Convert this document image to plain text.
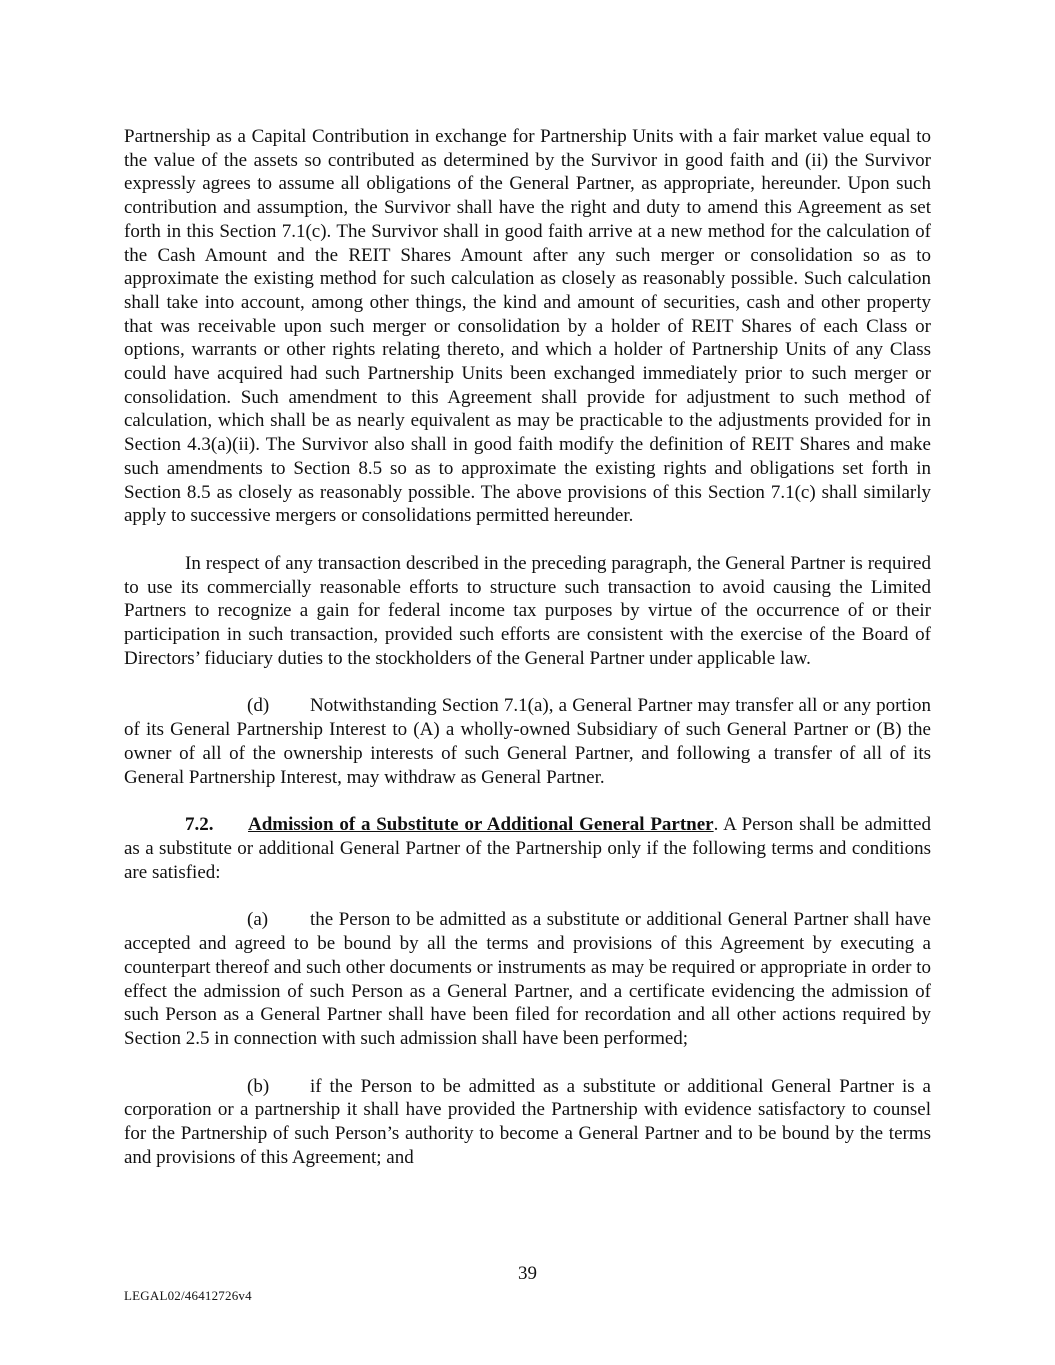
Partnership as a Capital Contribution in exchange for Partnership Units with a fair market value equal to the value of the assets so contributed as determined by the Survivor in good faith and (ii) the Survivor expressly agrees to assume all obligations of the General Partner, as appropriate, hereunder. Upon such contribution and assumption, the Survivor shall have the right and duty to amend this Agreement as set forth in this Section 7.1(c). The Survivor shall in good faith arrive at a new method for the calculation of the Cash Amount and the REIT Shares Amount after any such merger or consolidation so as to approximate the existing method for such calculation as closely as reasonably possible. Such calculation shall take into account, among other things, the kind and amount of securities, cash and other property that was receivable upon such merger or consolidation by a holder of REIT Shares of each Class or options, warrants or other rights relating thereto, and which a holder of Partnership Units of any Class could have acquired had such Partnership Units been exchanged immediately prior to such merger or consolidation. Such amendment to this Agreement shall provide for adjustment to such method of calculation, which shall be as nearly equivalent as may be practicable to the adjustments provided for in Section 4.3(a)(ii). The Survivor also shall in good faith modify the definition of REIT Shares and make such amendments to Section 8.5 so as to approximate the existing rights and obligations set forth in Section 8.5 as closely as reasonably possible. The above provisions of this Section 7.1(c) shall similarly apply to successive mergers or consolidations permitted hereunder.

In respect of any transaction described in the preceding paragraph, the General Partner is required to use its commercially reasonable efforts to structure such transaction to avoid causing the Limited Partners to recognize a gain for federal income tax purposes by virtue of the occurrence of or their participation in such transaction, provided such efforts are consistent with the exercise of the Board of Directors’ fiduciary duties to the stockholders of the General Partner under applicable law.

(d) Notwithstanding Section 7.1(a), a General Partner may transfer all or any portion of its General Partnership Interest to (A) a wholly-owned Subsidiary of such General Partner or (B) the owner of all of the ownership interests of such General Partner, and following a transfer of all of its General Partnership Interest, may withdraw as General Partner.

7.2. Admission of a Substitute or Additional General Partner. A Person shall be admitted as a substitute or additional General Partner of the Partnership only if the following terms and conditions are satisfied:

(a) the Person to be admitted as a substitute or additional General Partner shall have accepted and agreed to be bound by all the terms and provisions of this Agreement by executing a counterpart thereof and such other documents or instruments as may be required or appropriate in order to effect the admission of such Person as a General Partner, and a certificate evidencing the admission of such Person as a General Partner shall have been filed for recordation and all other actions required by Section 2.5 in connection with such admission shall have been performed;

(b) if the Person to be admitted as a substitute or additional General Partner is a corporation or a partnership it shall have provided the Partnership with evidence satisfactory to counsel for the Partnership of such Person’s authority to become a General Partner and to be bound by the terms and provisions of this Agreement; and

39
LEGAL02/46412726v4
